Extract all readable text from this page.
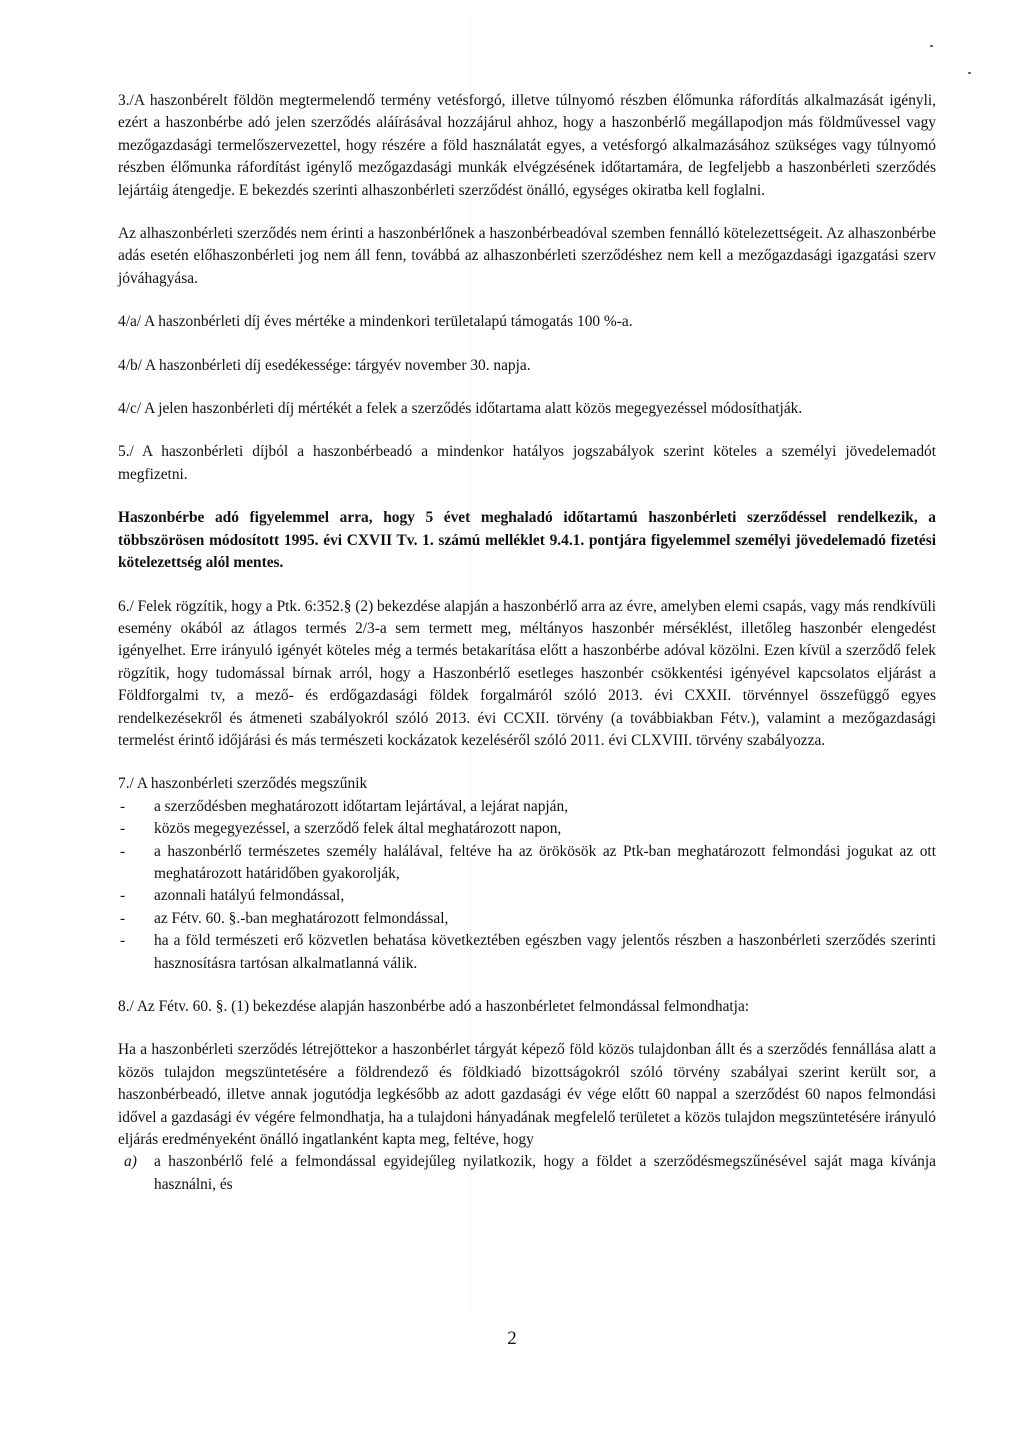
3./A haszonbérelt földön megtermelendő termény vetésforgó, illetve túlnyomó részben élőmunka ráfordítás alkalmazását igényli, ezért a haszonbérbe adó jelen szerződés aláírásával hozzájárul ahhoz, hogy a haszonbérlő megállapodjon más földművessel vagy mezőgazdasági termelőszervezettel, hogy részére a föld használatát egyes, a vetésforgó alkalmazásához szükséges vagy túlnyomó részben élőmunka ráfordítást igénylő mezőgazdasági munkák elvégzésének időtartamára, de legfeljebb a haszonbérleti szerződés lejártáig átengedje. E bekezdés szerinti alhaszonbérleti szerződést önálló, egységes okiratba kell foglalni.

Az alhaszonbérleti szerződés nem érinti a haszonbérlőnek a haszonbérbeadóval szemben fennálló kötelezettségeit. Az alhaszonbérbe adás esetén előhaszonbérleti jog nem áll fenn, továbbá az alhaszonbérleti szerződéshez nem kell a mezőgazdasági igazgatási szerv jóváhagyása.

4/a/ A haszonbérleti díj éves mértéke a mindenkori területalapú támogatás 100 %-a.

4/b/ A haszonbérleti díj esedékessége: tárgyév november 30. napja.

4/c/ A jelen haszonbérleti díj mértékét a felek a szerződés időtartama alatt közös megegyezéssel módosíthatják.

5./ A haszonbérleti díjból a haszonbérbeadó a mindenkor hatályos jogszabályok szerint köteles a személyi jövedelemadót megfizetni.

Haszonbérbe adó figyelemmel arra, hogy 5 évet meghaladó időtartamú haszonbérleti szerződéssel rendelkezik, a többszörösen módosított 1995. évi CXVII Tv. 1. számú melléklet 9.4.1. pontjára figyelemmel személyi jövedelemadó fizetési kötelezettség alól mentes.

6./ Felek rögzítik, hogy a Ptk. 6:352.§ (2) bekezdése alapján a haszonbérlő arra az évre, amelyben elemi csapás, vagy más rendkívüli esemény okából az átlagos termés 2/3-a sem termett meg, méltányos haszonbér mérséklést, illetőleg haszonbér elengedést igényelhet. Erre irányuló igényét köteles még a termés betakarítása előtt a haszonbérbe adóval közölni. Ezen kívül a szerződő felek rögzítik, hogy tudomással bírnak arról, hogy a Haszonbérlő esetleges haszonbér csökkentési igényével kapcsolatos eljárást a Földforgalmi tv, a mező- és erdőgazdasági földek forgalmáról szóló 2013. évi CXXII. törvénnyel összefüggő egyes rendelkezésekről és átmeneti szabályokról szóló 2013. évi CCXII. törvény (a továbbiakban Fétv.), valamint a mezőgazdasági termelést érintő időjárási és más természeti kockázatok kezeléséről szóló 2011. évi CLXVIII. törvény szabályozza.

7./ A haszonbérleti szerződés megszűnik
- a szerződésben meghatározott időtartam lejártával, a lejárat napján,
- közös megegyezéssel, a szerződő felek által meghatározott napon,
- a haszonbérlő természetes személy halálával, feltéve ha az örökösök az Ptk-ban meghatározott felmondási jogukat az ott meghatározott határidőben gyakorolják,
- azonnali hatályú felmondással,
- az Fétv. 60. §.-ban meghatározott felmondással,
- ha a föld természeti erő közvetlen behatása következtében egészben vagy jelentős részben a haszonbérleti szerződés szerinti hasznosításra tartósan alkalmatlanná válik.

8./ Az Fétv. 60. §. (1) bekezdése alapján haszonbérbe adó a haszonbérletet felmondással felmondhatja:

Ha a haszonbérleti szerződés létrejöttekor a haszonbérlet tárgyát képező föld közös tulajdonban állt és a szerződés fennállása alatt a közös tulajdon megszüntetésére a földrendező és földkiadó bizottságokról szóló törvény szabályai szerint került sor, a haszonbérbeadó, illetve annak jogutódja legkésőbb az adott gazdasági év vége előtt 60 nappal a szerződést 60 napos felmondási idővel a gazdasági év végére felmondhatja, ha a tulajdoni hányadának megfelelő területet a közös tulajdon megszüntetésére irányuló eljárás eredményeként önálló ingatlanként kapta meg, feltéve, hogy
a) a haszonbérlő felé a felmondással egyidejűleg nyilatkozik, hogy a földet a szerződésmegszűnésével saját maga kívánja használni, és
2
